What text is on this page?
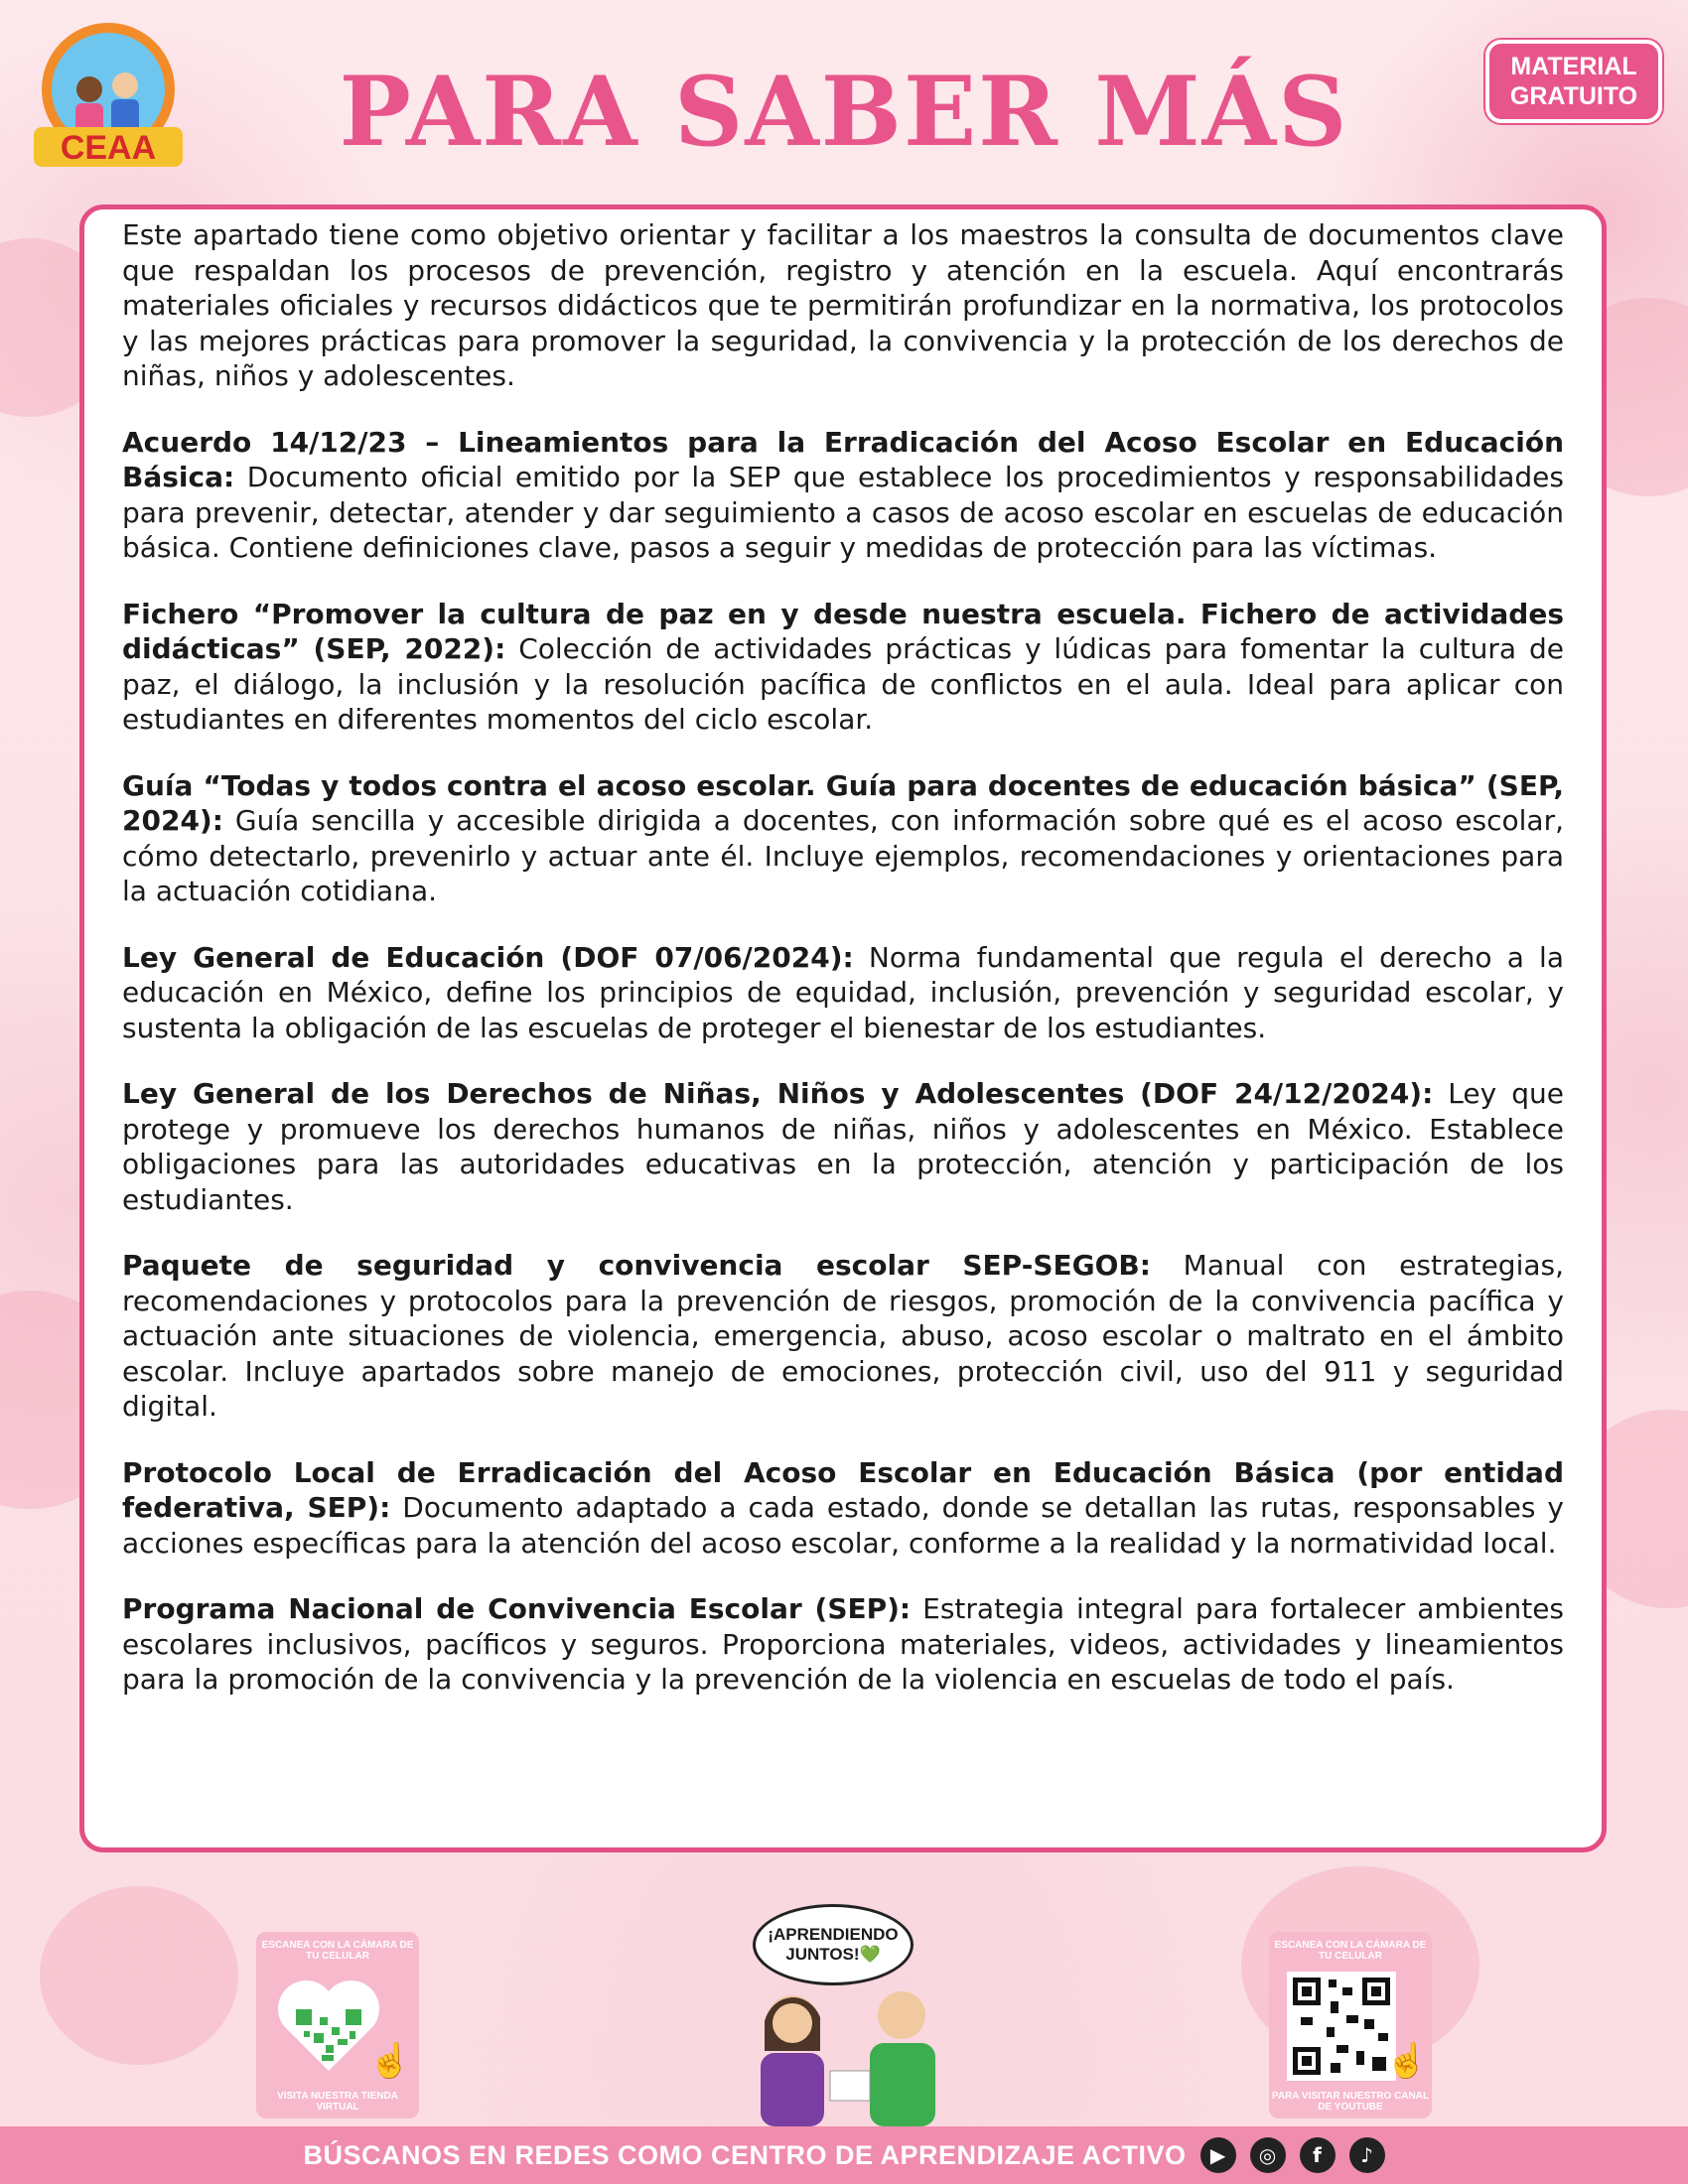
CEAA	PARA SABER MÁS	MATERIAL
GRATUITO

Este apartado tiene como objetivo orientar y facilitar a los maestros la consulta de documentos clave que respaldan los procesos de prevención, registro y atención en la escuela. Aquí encontrarás materiales oficiales y recursos didácticos que te permitirán profundizar en la normativa, los protocolos y las mejores prácticas para promover la seguridad, la convivencia y la protección de los derechos de niñas, niños y adolescentes.

Acuerdo 14/12/23 – Lineamientos para la Erradicación del Acoso Escolar en Educación Básica: Documento oficial emitido por la SEP que establece los procedimientos y responsabilidades para prevenir, detectar, atender y dar seguimiento a casos de acoso escolar en escuelas de educación básica. Contiene definiciones clave, pasos a seguir y medidas de protección para las víctimas.

Fichero “Promover la cultura de paz en y desde nuestra escuela. Fichero de actividades didácticas” (SEP, 2022): Colección de actividades prácticas y lúdicas para fomentar la cultura de paz, el diálogo, la inclusión y la resolución pacífica de conflictos en el aula. Ideal para aplicar con estudiantes en diferentes momentos del ciclo escolar.

Guía “Todas y todos contra el acoso escolar. Guía para docentes de educación básica” (SEP, 2024): Guía sencilla y accesible dirigida a docentes, con información sobre qué es el acoso escolar, cómo detectarlo, prevenirlo y actuar ante él. Incluye ejemplos, recomendaciones y orientaciones para la actuación cotidiana.

Ley General de Educación (DOF 07/06/2024): Norma fundamental que regula el derecho a la educación en México, define los principios de equidad, inclusión, prevención y seguridad escolar, y sustenta la obligación de las escuelas de proteger el bienestar de los estudiantes.

Ley General de los Derechos de Niñas, Niños y Adolescentes (DOF 24/12/2024): Ley que protege y promueve los derechos humanos de niñas, niños y adolescentes en México. Establece obligaciones para las autoridades educativas en la protección, atención y participación de los estudiantes.

Paquete de seguridad y convivencia escolar SEP-SEGOB: Manual con estrategias, recomendaciones y protocolos para la prevención de riesgos, promoción de la convivencia pacífica y actuación ante situaciones de violencia, emergencia, abuso, acoso escolar o maltrato en el ámbito escolar. Incluye apartados sobre manejo de emociones, protección civil, uso del 911 y seguridad digital.

Protocolo Local de Erradicación del Acoso Escolar en Educación Básica (por entidad federativa, SEP): Documento adaptado a cada estado, donde se detallan las rutas, responsables y acciones específicas para la atención del acoso escolar, conforme a la realidad y la normatividad local.

Programa Nacional de Convivencia Escolar (SEP): Estrategia integral para fortalecer ambientes escolares inclusivos, pacíficos y seguros. Proporciona materiales, videos, actividades y lineamientos para la promoción de la convivencia y la prevención de la violencia en escuelas de todo el país.

ESCANEA CON LA CÁMARA DE TU CELULAR
☝
VISITA NUESTRA TIENDA VIRTUAL
¡APRENDIENDO
JUNTOS!💚	ESCANEA CON LA CÁMARA DE TU CELULAR
☝
PARA VISITAR NUESTRO CANAL DE YOUTUBE
BÚSCANOS EN REDES COMO CENTRO DE APRENDIZAJE ACTIVO	▶	◎	f	♪
